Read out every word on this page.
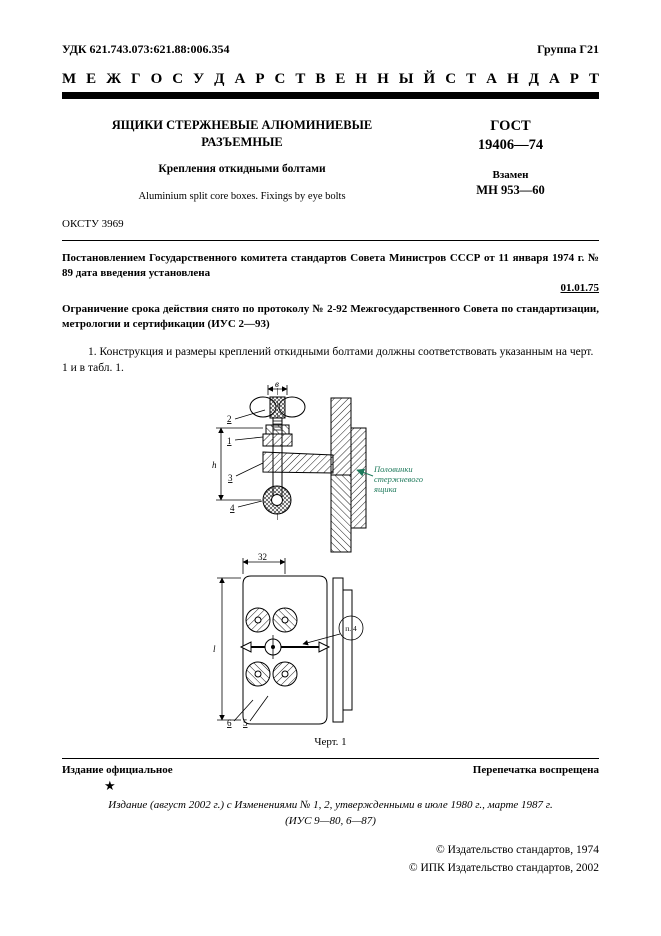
УДК 621.743.073:621.88:006.354	Группа Г21
М Е Ж Г О С У Д А Р С Т В Е Н Н Ы Й С Т А Н Д А Р Т
ЯЩИКИ СТЕРЖНЕВЫЕ АЛЮМИНИЕВЫЕ
РАЗЪЕМНЫЕ
Крепления откидными болтами
Aluminium split core boxes. Fixings by eye bolts
ГОСТ
19406—74
Взамен
МН 953—60
ОКСТУ 3969
Постановлением Государственного комитета стандартов Совета Министров СССР от 11 января 1974 г. № 89 дата введения установлена
01.01.75
Ограничение срока действия снято по протоколу № 2-92 Межгосударственного Совета по стандартизации, метрологии и сертификации (ИУС 2—93)
1. Конструкция и размеры креплений откидными болтами должны соответствовать указанным на черт. 1 и в табл. 1.
в
h
2
1
3
4
Половинки
стержневого
ящика
32
l
п. 4
6 5
Черт. 1
Издание официальное	Перепечатка воспрещена
★
Издание (август 2002 г.) с Изменениями № 1, 2, утвержденными в июле 1980 г., марте 1987 г.
(ИУС 9—80, 6—87)
© Издательство стандартов, 1974
© ИПК Издательство стандартов, 2002
